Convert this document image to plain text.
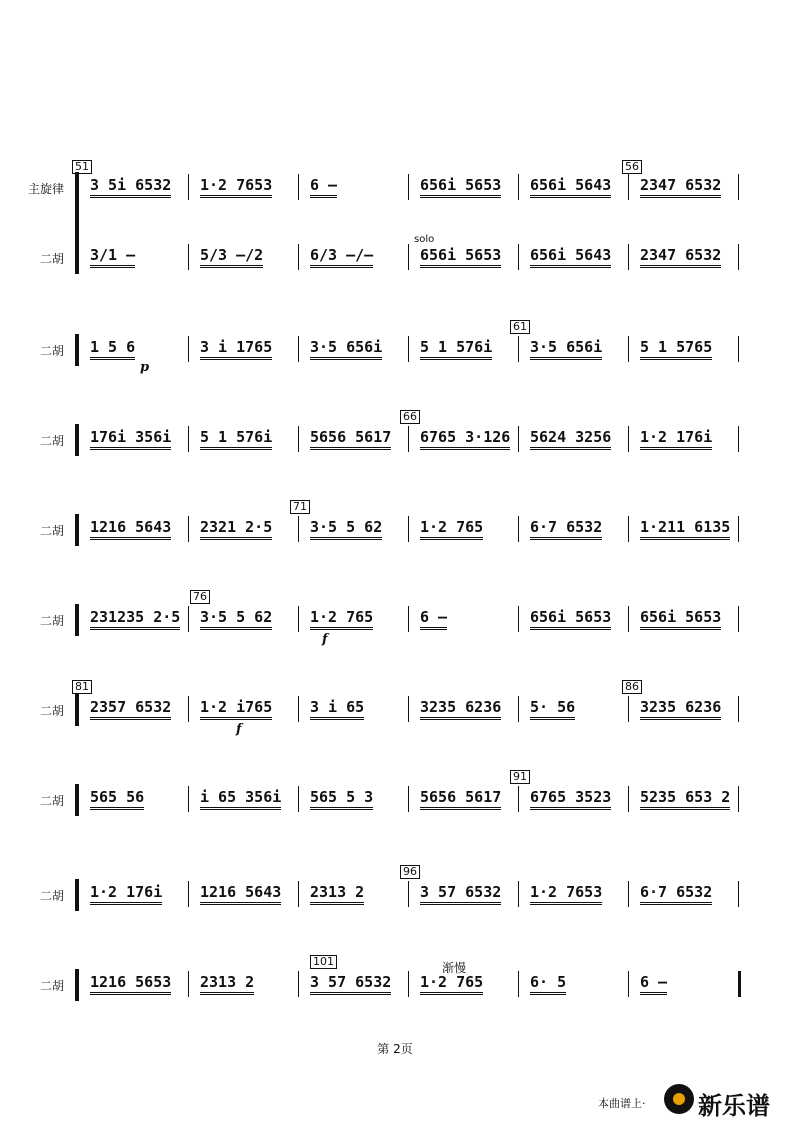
主旋律 3 5i 6532 1·2 7653	6 –	656i 5653 656i 5643 2347 6532
二胡 3/1 –	5/3 –/2	6/3 –/–	656i 5653 656i 5643 2347 6532
51	56
solo
二胡 1 5 6	3 i 1765	3·5 656i	5 1 576i	3·5 656i	5 1 5765
61
p
二胡 176i 356i 5 1 576i	5656 5617 6765 3·126 5624 3256 1·2 176i
66
二胡 1216 5643 2321 2·5	3·5 5 62	1·2 765	6·7 6532	1·211 6135
71
二胡 231235 2·5 3·5 5 62	1·2 765	6 –	656i 5653 656i 5653
76
f
二胡 2357 6532 1·2 i765	3 i 65	3235 6236 5· 56	3235 6236
81	86
f
二胡 565 56	i 65 356i 565 5 3	5656 5617 6765 3523 5235 653 2
91
二胡 1·2 176i	1216 5643 2313 2	3 57 6532 1·2 7653	6·7 6532
96
二胡 1216 5653 2313 2	3 57 6532 1·2 765	6· 5	6 –
101	渐慢
第 2页
本曲谱上· 新乐谱
